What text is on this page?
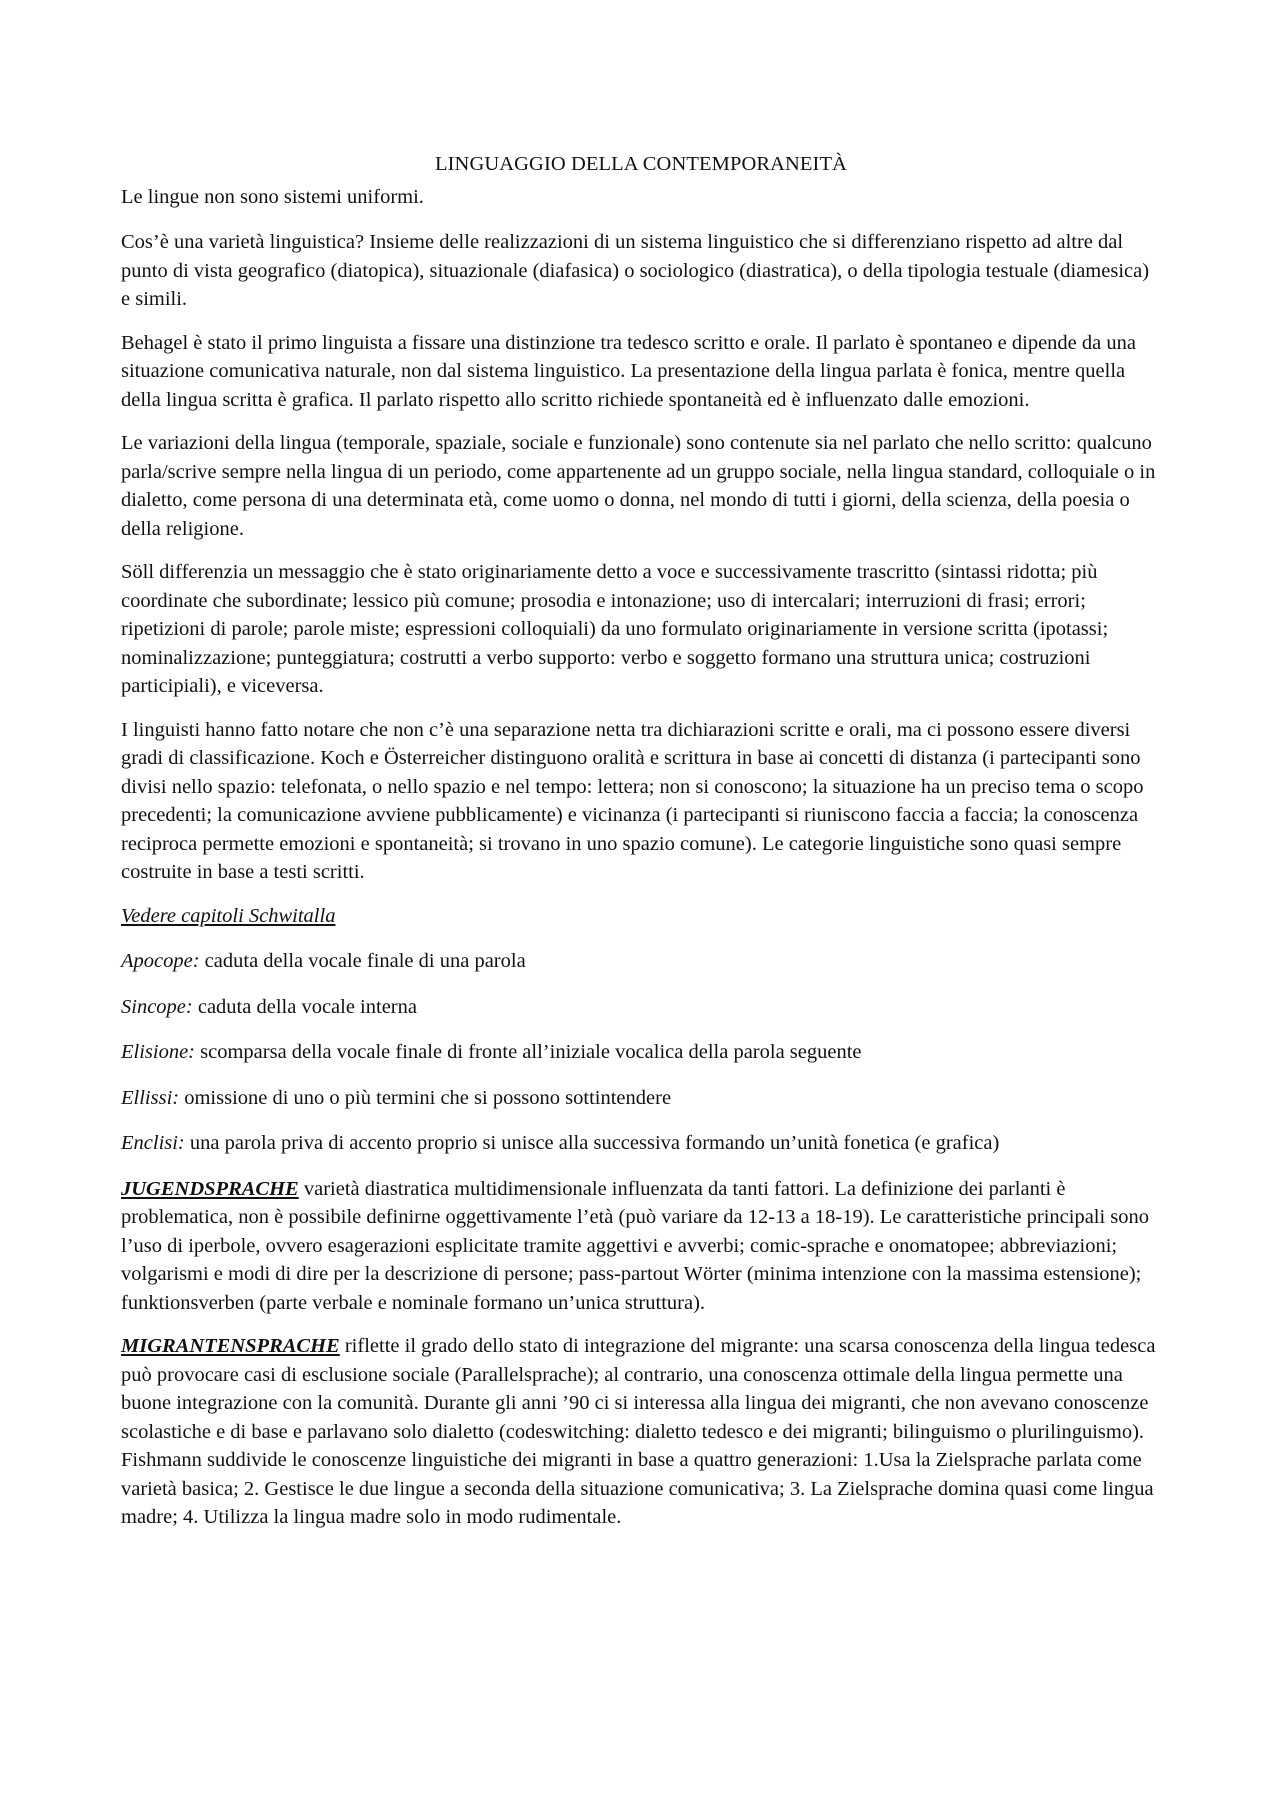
LINGUAGGIO DELLA CONTEMPORANEITÀ

Le lingue non sono sistemi uniformi.

Cos’è una varietà linguistica? Insieme delle realizzazioni di un sistema linguistico che si differenziano rispetto ad altre dal punto di vista geografico (diatopica), situazionale (diafasica) o sociologico (diastratica), o della tipologia testuale (diamesica) e simili.

Behagel è stato il primo linguista a fissare una distinzione tra tedesco scritto e orale. Il parlato è spontaneo e dipende da una situazione comunicativa naturale, non dal sistema linguistico. La presentazione della lingua parlata è fonica, mentre quella della lingua scritta è grafica. Il parlato rispetto allo scritto richiede spontaneità ed è influenzato dalle emozioni.

Le variazioni della lingua (temporale, spaziale, sociale e funzionale) sono contenute sia nel parlato che nello scritto: qualcuno parla/scrive sempre nella lingua di un periodo, come appartenente ad un gruppo sociale, nella lingua standard, colloquiale o in dialetto, come persona di una determinata età, come uomo o donna, nel mondo di tutti i giorni, della scienza, della poesia o della religione.

Söll differenzia un messaggio che è stato originariamente detto a voce e successivamente trascritto (sintassi ridotta; più coordinate che subordinate; lessico più comune; prosodia e intonazione; uso di intercalari; interruzioni di frasi; errori; ripetizioni di parole; parole miste; espressioni colloquiali) da uno formulato originariamente in versione scritta (ipotassi; nominalizzazione; punteggiatura; costrutti a verbo supporto: verbo e soggetto formano una struttura unica; costruzioni participiali), e viceversa.

I linguisti hanno fatto notare che non c’è una separazione netta tra dichiarazioni scritte e orali, ma ci possono essere diversi gradi di classificazione. Koch e Österreicher distinguono oralità e scrittura in base ai concetti di distanza (i partecipanti sono divisi nello spazio: telefonata, o nello spazio e nel tempo: lettera; non si conoscono; la situazione ha un preciso tema o scopo precedenti; la comunicazione avviene pubblicamente) e vicinanza (i partecipanti si riuniscono faccia a faccia; la conoscenza reciproca permette emozioni e spontaneità; si trovano in uno spazio comune). Le categorie linguistiche sono quasi sempre costruite in base a testi scritti.

Vedere capitoli Schwitalla

Apocope: caduta della vocale finale di una parola

Sincope: caduta della vocale interna

Elisione: scomparsa della vocale finale di fronte all’iniziale vocalica della parola seguente

Ellissi: omissione di uno o più termini che si possono sottintendere

Enclisi: una parola priva di accento proprio si unisce alla successiva formando un’unità fonetica (e grafica)

JUGENDSPRACHE varietà diastratica multidimensionale influenzata da tanti fattori. La definizione dei parlanti è problematica, non è possibile definirne oggettivamente l’età (può variare da 12-13 a 18-19). Le caratteristiche principali sono l’uso di iperbole, ovvero esagerazioni esplicitate tramite aggettivi e avverbi; comic-sprache e onomatopee; abbreviazioni; volgarismi e modi di dire per la descrizione di persone; pass-partout Wörter (minima intenzione con la massima estensione); funktionsverben (parte verbale e nominale formano un’unica struttura).

MIGRANTENSPRACHE riflette il grado dello stato di integrazione del migrante: una scarsa conoscenza della lingua tedesca può provocare casi di esclusione sociale (Parallelsprache); al contrario, una conoscenza ottimale della lingua permette una buone integrazione con la comunità. Durante gli anni ’90 ci si interessa alla lingua dei migranti, che non avevano conoscenze scolastiche e di base e parlavano solo dialetto (codeswitching: dialetto tedesco e dei migranti; bilinguismo o plurilinguismo). Fishmann suddivide le conoscenze linguistiche dei migranti in base a quattro generazioni: 1.Usa la Zielsprache parlata come varietà basica; 2. Gestisce le due lingue a seconda della situazione comunicativa; 3. La Zielsprache domina quasi come lingua madre; 4. Utilizza la lingua madre solo in modo rudimentale.
